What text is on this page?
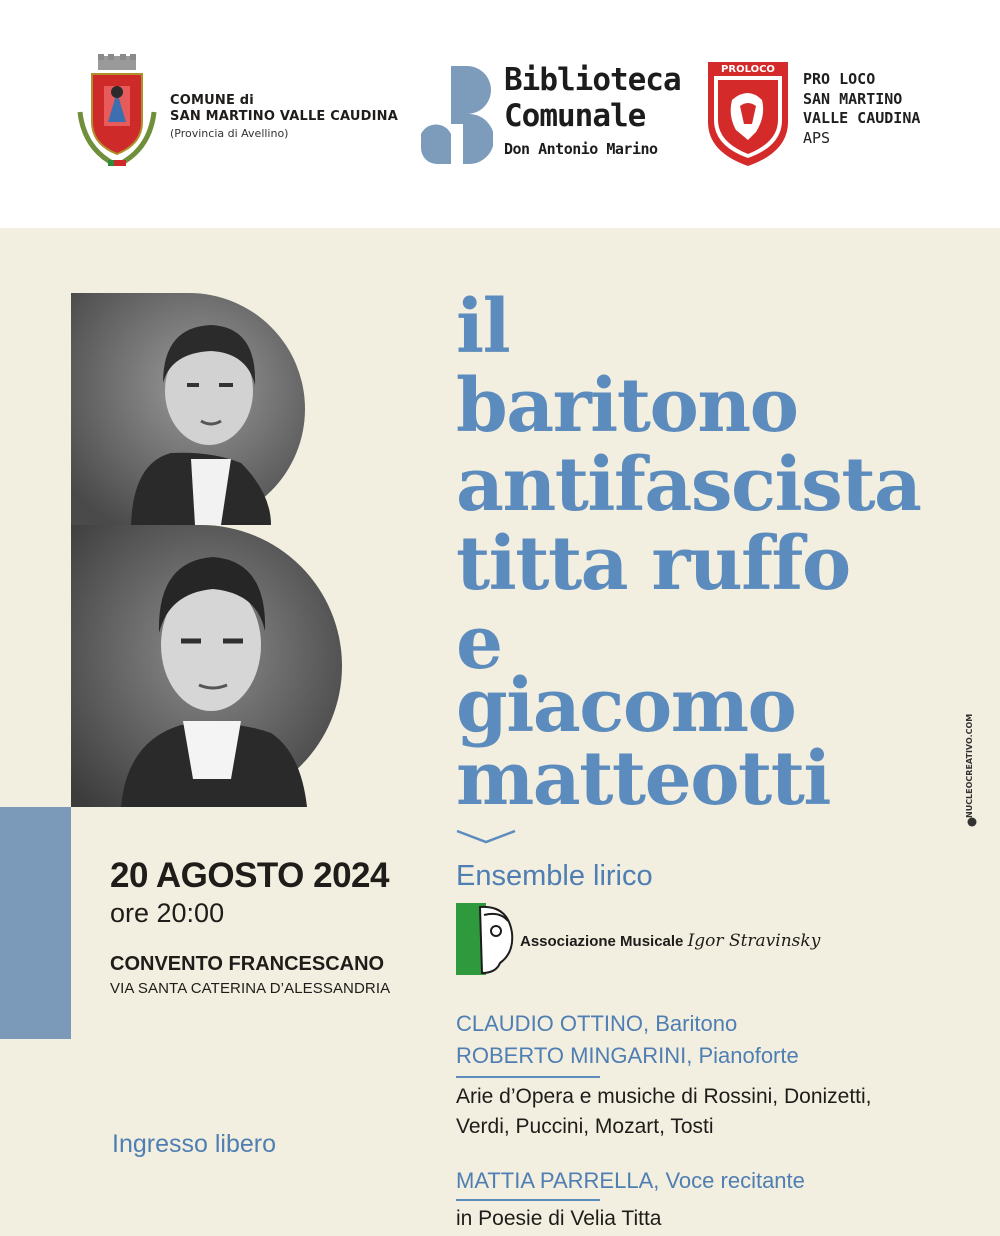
COMUNE di
SAN MARTINO VALLE CAUDINA
(Provincia di Avellino)
Biblioteca
Comunale
Don Antonio Marino
PROLOCO
PRO LOCO
SAN MARTINO
VALLE CAUDINA
APS
il
baritono
antifascista
titta ruffo
e
giacomo
matteotti
Ensemble lirico
Associazione Musicale Igor Stravinsky
CLAUDIO OTTINO, Baritono
ROBERTO MINGARINI, Pianoforte
Arie d’Opera e musiche di Rossini, Donizetti,
Verdi, Puccini, Mozart, Tosti
MATTIA PARRELLA, Voce recitante
in Poesie di Velia Titta
20 AGOSTO 2024
ore 20:00
CONVENTO FRANCESCANO
VIA SANTA CATERINA D’ALESSANDRIA
Ingresso libero
NUCLEOCREATIVO.COM
